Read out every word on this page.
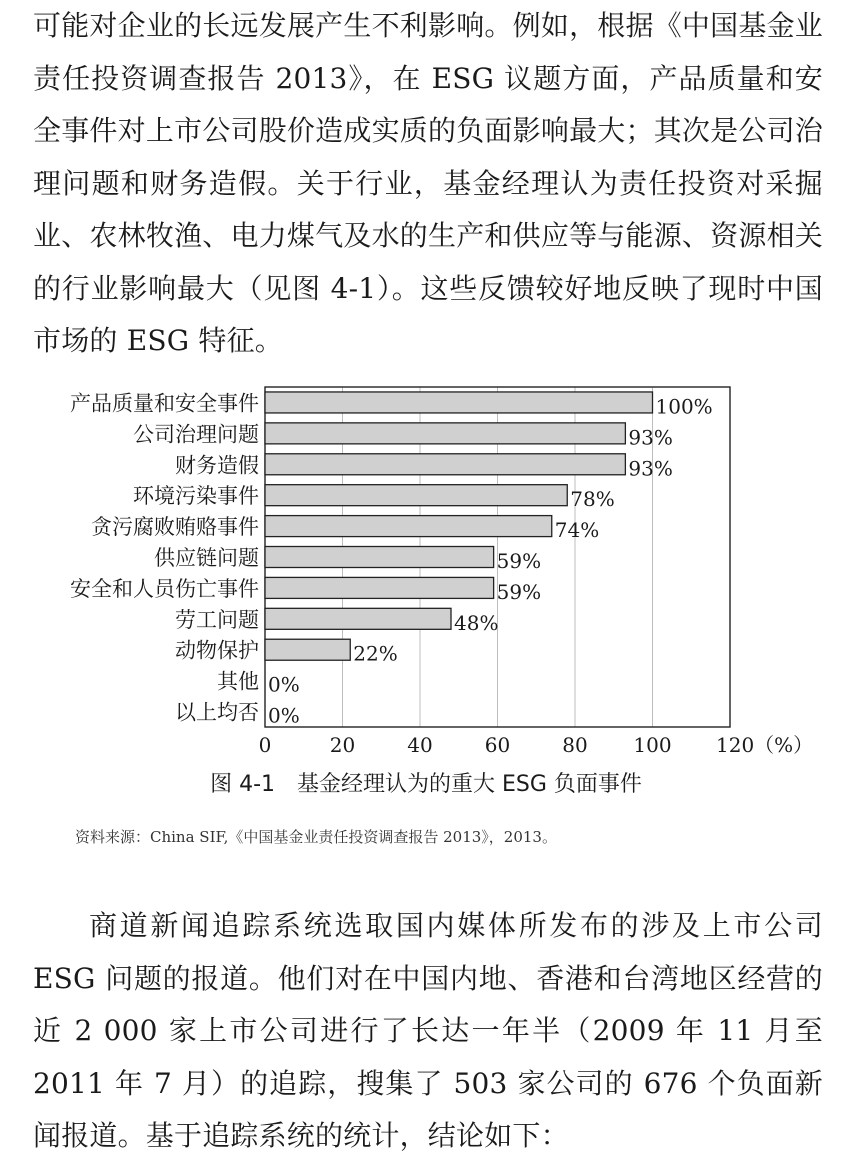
可能对企业的长远发展产生不利影响。例如，根据《中国基金业责任投资调查报告 2013》，在 ESG 议题方面，产品质量和安全事件对上市公司股价造成实质的负面影响最大；其次是公司治理问题和财务造假。关于行业，基金经理认为责任投资对采掘业、农林牧渔、电力煤气及水的生产和供应等与能源、资源相关的行业影响最大（见图 4-1）。这些反馈较好地反映了现时中国市场的 ESG 特征。

产品质量和安全事件	100%
公司治理问题	93%
财务造假	93%
环境污染事件	78%
贪污腐败贿赂事件	74%
供应链问题	59%
安全和人员伤亡事件	59%
劳工问题	48%
动物保护	22%
其他 0%
以上均否 0%
0	20	40	60	80 100 120（%）

图 4-1　基金经理认为的重大 ESG 负面事件

资料来源：China SIF,《中国基金业责任投资调查报告 2013》，2013。

商道新闻追踪系统选取国内媒体所发布的涉及上市公司 ESG 问题的报道。他们对在中国内地、香港和台湾地区经营的近 2 000 家上市公司进行了长达一年半（2009 年 11 月至 2011 年 7 月）的追踪，搜集了 503 家公司的 676 个负面新闻报道。基于追踪系统的统计，结论如下：
